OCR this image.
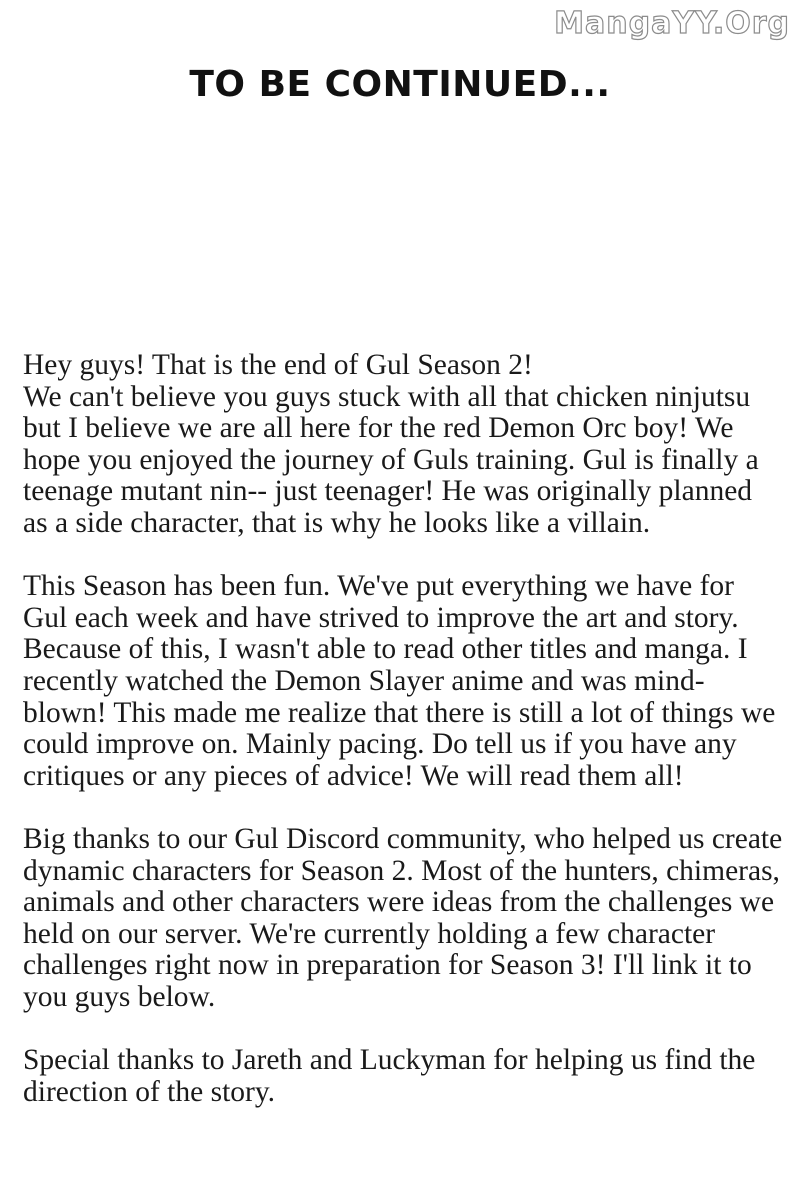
MangaYY.Org
TO BE CONTINUED...

Hey guys! That is the end of Gul Season 2!
We can't believe you guys stuck with all that chicken ninjutsu but I believe we are all here for the red Demon Orc boy! We hope you enjoyed the journey of Guls training. Gul is finally a teenage mutant nin-- just teenager! He was originally planned as a side character, that is why he looks like a villain.

This Season has been fun. We've put everything we have for Gul each week and have strived to improve the art and story. Because of this, I wasn't able to read other titles and manga. I recently watched the Demon Slayer anime and was mind-blown! This made me realize that there is still a lot of things we could improve on. Mainly pacing. Do tell us if you have any critiques or any pieces of advice! We will read them all!

Big thanks to our Gul Discord community, who helped us create dynamic characters for Season 2. Most of the hunters, chimeras, animals and other characters were ideas from the challenges we held on our server. We're currently holding a few character challenges right now in preparation for Season 3! I'll link it to you guys below.

Special thanks to Jareth and Luckyman for helping us find the direction of the story.
